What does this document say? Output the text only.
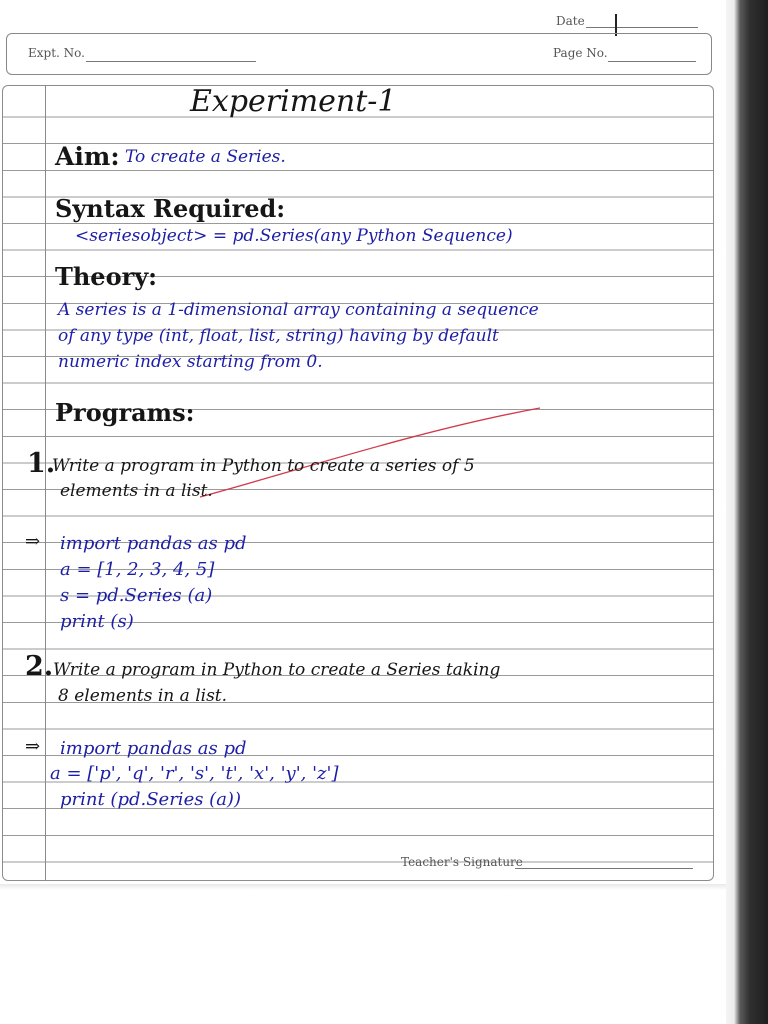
Date
Expt. No.	Page No.
Experiment-1
Aim: To create a Series.
Syntax Required:
<seriesobject> = pd.Series(any Python Sequence)
Theory:
A series is a 1-dimensional array containing a sequence
of any type (int, float, list, string) having by default
numeric index starting from 0.
Programs:
1.
Write a program in Python to create a series of 5
elements in a list.
⇒ import pandas as pd
a = [1, 2, 3, 4, 5]
s = pd.Series (a)
print (s)
2. Write a program in Python to create a Series taking
8 elements in a list.
⇒ import pandas as pd
a = ['p', 'q', 'r', 's', 't', 'x', 'y', 'z']
print (pd.Series (a))
Teacher's Signature
